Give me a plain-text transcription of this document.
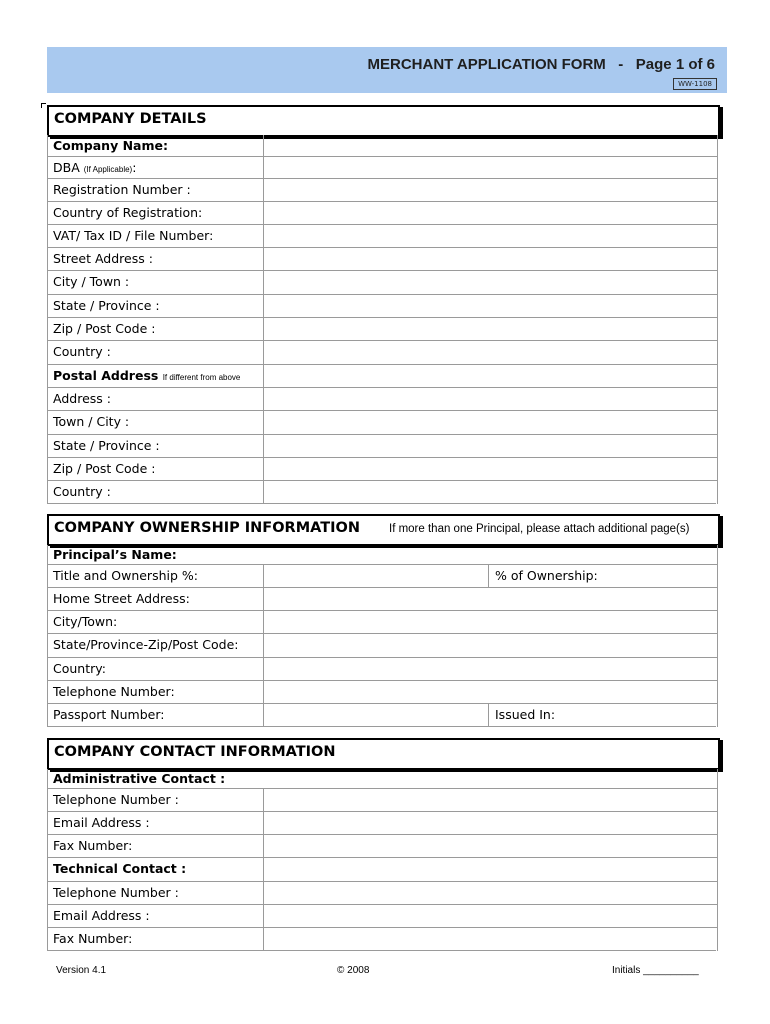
MERCHANT APPLICATION FORM   -   Page 1 of 6
WW-1108
COMPANY DETAILS
Company Name:
DBA (If Applicable):
Registration Number :
Country of Registration:
VAT/ Tax ID / File Number:
Street Address :
City / Town :
State / Province :
Zip / Post Code :
Country :
Postal Address If different from above
Address :
Town / City :
State / Province :
Zip / Post Code :
Country :
COMPANY OWNERSHIP INFORMATION	If more than one Principal, please attach additional page(s)
Principal’s Name:
Title and Ownership %:	% of Ownership:
Home Street Address:
City/Town:
State/Province-Zip/Post Code:
Country:
Telephone Number:
Passport Number:	Issued In:
COMPANY CONTACT INFORMATION
Administrative Contact :
Telephone Number :
Email Address :
Fax Number:
Technical Contact :
Telephone Number :
Email Address :
Fax Number:
Version 4.1	© 2008	Initials __________
